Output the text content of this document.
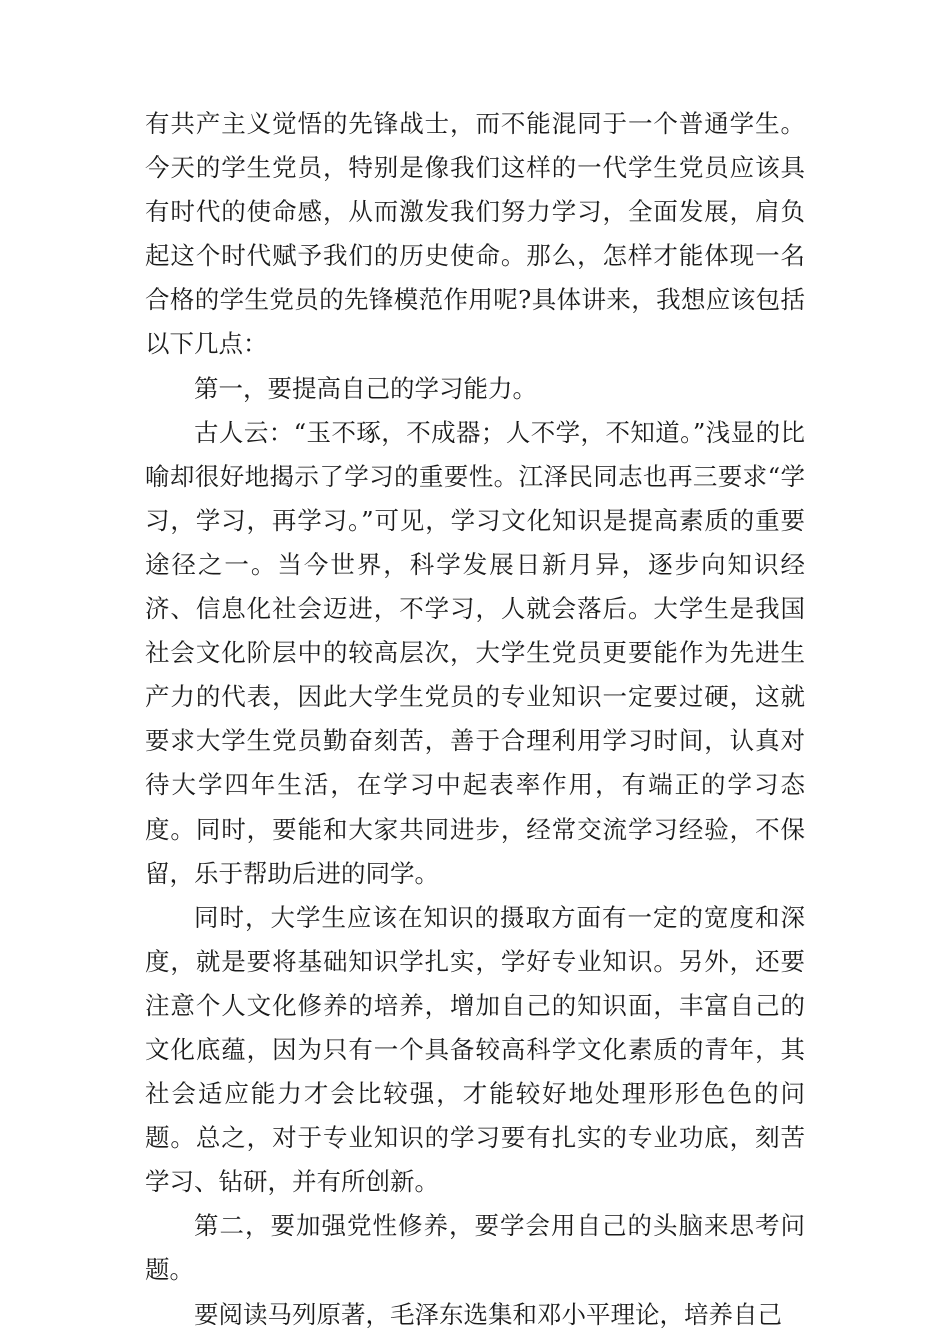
有共产主义觉悟的先锋战士，而不能混同于一个普通学生。今天的学生党员，特别是像我们这样的一代学生党员应该具有时代的使命感，从而激发我们努力学习，全面发展，肩负起这个时代赋予我们的历史使命。那么，怎样才能体现一名合格的学生党员的先锋模范作用呢?具体讲来，我想应该包括以下几点：

第一，要提高自己的学习能力。

古人云：“玉不琢，不成器；人不学，不知道。”浅显的比喻却很好地揭示了学习的重要性。江泽民同志也再三要求“学习，学习，再学习。”可见，学习文化知识是提高素质的重要途径之一。当今世界，科学发展日新月异，逐步向知识经济、信息化社会迈进，不学习，人就会落后。大学生是我国社会文化阶层中的较高层次，大学生党员更要能作为先进生产力的代表，因此大学生党员的专业知识一定要过硬，这就要求大学生党员勤奋刻苦，善于合理利用学习时间，认真对待大学四年生活，在学习中起表率作用，有端正的学习态度。同时，要能和大家共同进步，经常交流学习经验，不保留，乐于帮助后进的同学。

同时，大学生应该在知识的摄取方面有一定的宽度和深度，就是要将基础知识学扎实，学好专业知识。另外，还要注意个人文化修养的培养，增加自己的知识面，丰富自己的文化底蕴，因为只有一个具备较高科学文化素质的青年，其社会适应能力才会比较强，才能较好地处理形形色色的问题。总之，对于专业知识的学习要有扎实的专业功底，刻苦学习、钻研，并有所创新。

第二，要加强党性修养，要学会用自己的头脑来思考问题。

要阅读马列原著，毛泽东选集和邓小平理论，培养自己
